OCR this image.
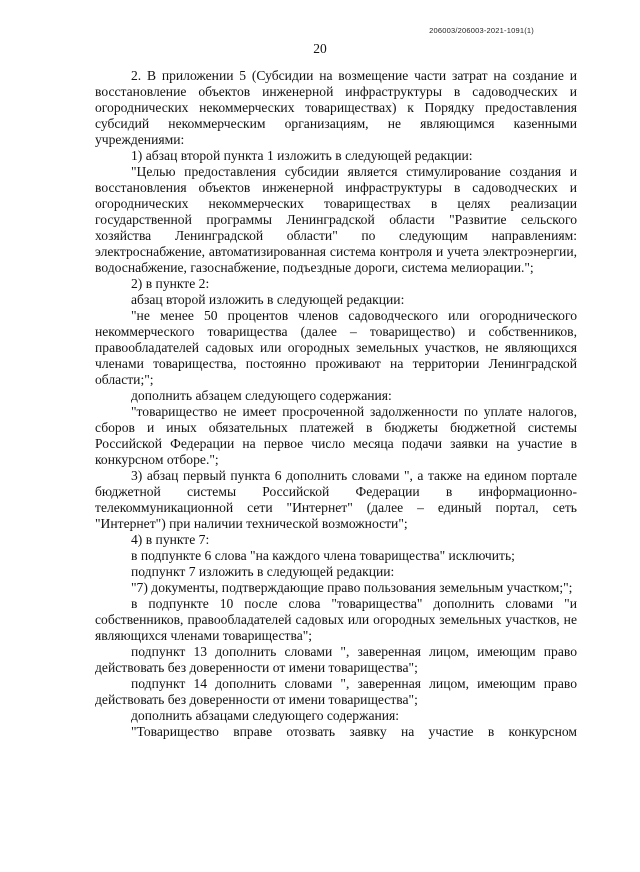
206003/206003-2021-1091(1)
20

2. В приложении 5 (Субсидии на возмещение части затрат на создание и восстановление объектов инженерной инфраструктуры в садоводческих и огороднических некоммерческих товариществах) к Порядку предоставления субсидий некоммерческим организациям, не являющимся казенными учреждениями:

1) абзац второй пункта 1 изложить в следующей редакции:

"Целью предоставления субсидии является стимулирование создания и восстановления объектов инженерной инфраструктуры в садоводческих и огороднических некоммерческих товариществах в целях реализации государственной программы Ленинградской области "Развитие сельского хозяйства Ленинградской области" по следующим направлениям: электроснабжение, автоматизированная система контроля и учета электроэнергии, водоснабжение, газоснабжение, подъездные дороги, система мелиорации.";

2) в пункте 2:

абзац второй изложить в следующей редакции:

"не менее 50 процентов членов садоводческого или огороднического некоммерческого товарищества (далее – товарищество) и собственников, правообладателей садовых или огородных земельных участков, не являющихся членами товарищества, постоянно проживают на территории Ленинградской области;";

дополнить абзацем следующего содержания:

"товарищество не имеет просроченной задолженности по уплате налогов, сборов и иных обязательных платежей в бюджеты бюджетной системы Российской Федерации на первое число месяца подачи заявки на участие в конкурсном отборе.";

3) абзац первый пункта 6 дополнить словами ", а также на едином портале бюджетной системы Российской Федерации в информационно-телекоммуникационной сети "Интернет" (далее – единый портал, сеть "Интернет") при наличии технической возможности";

4) в пункте 7:

в подпункте 6 слова "на каждого члена товарищества" исключить;

подпункт 7 изложить в следующей редакции:

"7) документы, подтверждающие право пользования земельным участком;";

в подпункте 10 после слова "товарищества" дополнить словами "и собственников, правообладателей садовых или огородных земельных участков, не являющихся членами товарищества";

подпункт 13 дополнить словами ", заверенная лицом, имеющим право действовать без доверенности от имени товарищества";

подпункт 14 дополнить словами ", заверенная лицом, имеющим право действовать без доверенности от имени товарищества";

дополнить абзацами следующего содержания:

"Товарищество вправе отозвать заявку на участие в конкурсном
